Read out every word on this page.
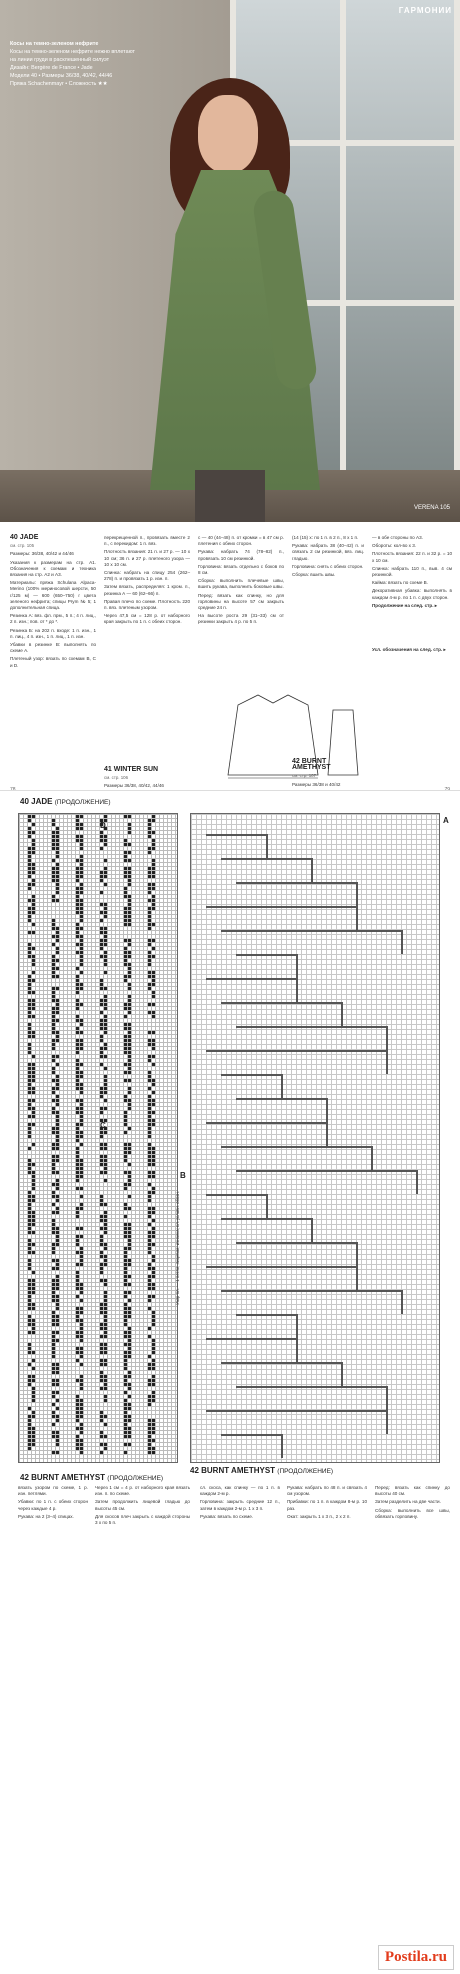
ГАРМОНИИ

Косы на темно-зеленом нефрите

Косы на темно-зеленом нефрите нежно вплетают на линии груди в расклешенный силуэт

Дизайн: Bergère de France • Jade

Модели 40 • Размеры 36/38, 40/42, 44/46

Пряжа Schachenmayr • Сложность ★★

VERENA 105
40 JADE
см. стр. 105

Размеры: 36/38, 40/42 и 44/46

Указания к размерам на стр. A1. Обозначения к схемам и техника вязания на стр. А2 и А3.

Материалы: пряжа Schulana Alpaca-Merino (100% мериносовой шерсти, 50 г/125 м) — 600 (650–750) г цвета зеленого нефрита; спицы Prym № 5; 1 дополнительная спица.

Резинка А: вяз. фл. прм., 5 п.; 4 п. лиц., 2 п. изн.; пов. от * до *.

Резинка Б: на 202 п. входе: 1 п. изн., 1 п. лиц., 4 п. изн., 1 п. лиц., 1 п. изн.

Убавки в резинке В: выполнять по схеме А.

Плетеный узор: вязать по схемам В, С и D.

перекрещенной п., провязать вместе 2 п., с перекидом: 1 п. вяз.

Плотность вязания: 21 п. и 27 р. — 10 х 10 см; 36 п. и 27 р. плетеного узора — 10 х 10 см.

Спинка: набрать на спицу 254 (262–278) п. и провязать 1 р. изн. п.

Затем вязать, распределяя: 1 кром. п., резинка А — 60 (62–66) п.

Правая плечо по схеме. Плотность 220 п. вяз. плетеным узором.

Через 47,5 см = 128 р. от наборного края закрыть по 1 п. с обеих сторон.

41 WINTER SUN
см. стр. 106

Размеры 36/38, 40/42, 44/46

с — 40 (44–48) п. от кромки = в 47 см р. плетения с обеих сторон.

Рукава: набрать 74 (78–82) п., провязать 10 см резинкой.

Горловина: вязать отдельно с боков по 8 см.

Сборка: выполнить плечевые швы, вшить рукава, выполнить боковые швы.

Перед: вязать как спинку, но для горловины на высоте 57 см закрыть средние 24 п.

На высоте роста 29 (31–33) см от резинки закрыть 4 р. по 5 п.

(14 (15) х: по 1 п. в 2 п., 8 х 1 п.

Рукава: набрать 38 (40–42) п. и связать 2 см резинкой, вяз. лиц. гладью.

Горловина: снять с обеих сторон.

Сборка: вшить швы.

42 BURNT AMETHYST
см. стр. 107

Размеры 36/38 и 40/42

— в обе стороны по А3.

Обороты: кол-во х 3.

Плотность вязания: 22 п. и 32 р. = 10 х 10 см.

Спинка: набрать 110 п., выв. 4 см резинкой.

Кайма: вязать по схеме В.

Декоративная убавка: выполнять в каждом 4-м р. по 1 п. с двух сторон.

Продолжение на след. стр. ▸

Усл. обозначения на след. стр. ▸

40 JADE (ПРОДОЛЖЕНИЕ)
D
C
B
A
Узор-пл. — 1 петля, лицевая; изнанка; сл. условн. обозн.
42 BURNT AMETHYST (ПРОДОЛЖЕНИЕ)
42 BURNT AMETHYST (ПРОДОЛЖЕНИЕ)

вязать узором по схеме, 1 р. изн. петлями.

Убавки: по 1 п. с обеих сторон через каждые 4 р.

Рукава: на 2 (3–4) спицах.

Через 1 см = 4 р. от наборного края вязать изн. п. по схеме.

Затем продолжить лицевой гладью до высоты 45 см.

Для скосов плеч закрыть с каждой стороны 3 х по 5 п.

сл. скоса, как спинку — по 1 п. в каждом 2-м р.

Горловина: закрыть средние 12 п., затем в каждом 2-м р. 1 х 3 п.

Рукава: вязать по схеме.

Рукава: набрать по 48 п. и связать 4 см узором.

Прибавки: по 1 п. в каждом 8-м р. 10 раз.

Окат: закрыть 1 х 3 п., 2 х 2 п.

Перед: вязать как спинку до высоты 40 см.

Затем разделить на две части.

Сборка: выполнить все швы, обвязать горловину.

Postila.ru
